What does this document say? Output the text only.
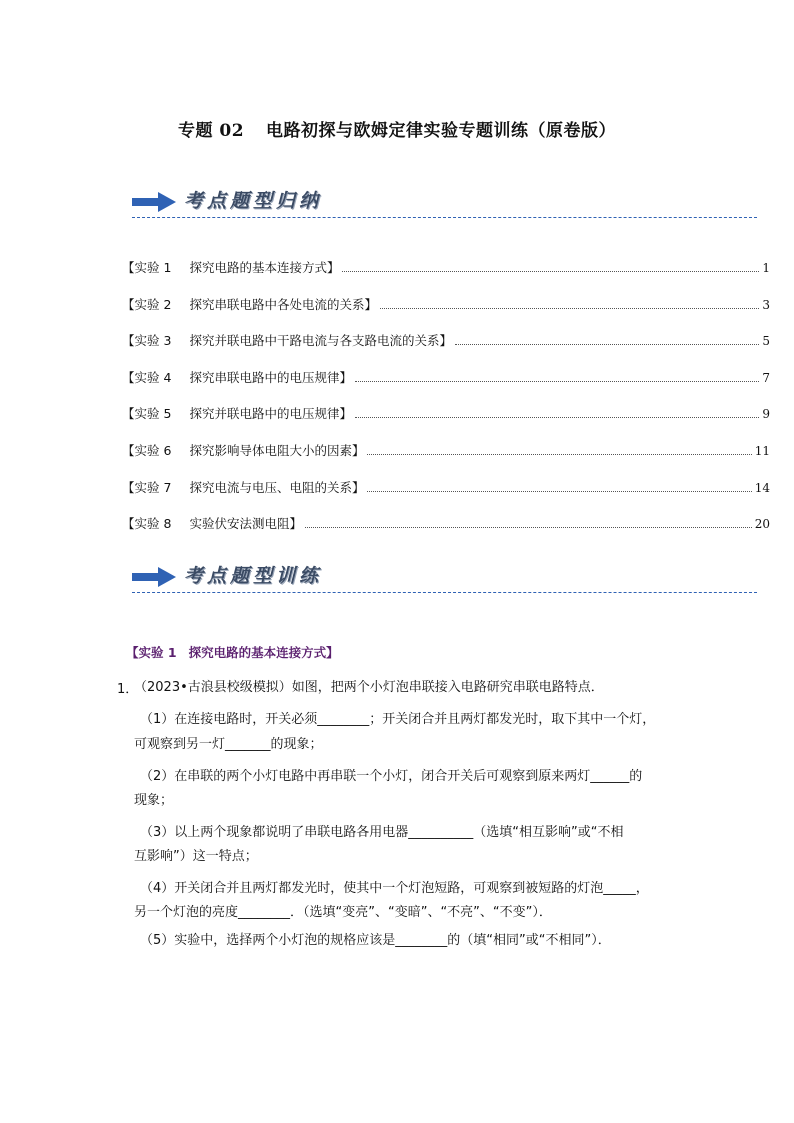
专题 02 电路初探与欧姆定律实验专题训练（原卷版）
考点题型归纳
【实验 1 探究电路的基本连接方式】	1
【实验 2 探究串联电路中各处电流的关系】	3
【实验 3 探究并联电路中干路电流与各支路电流的关系】	5
【实验 4 探究串联电路中的电压规律】	7
【实验 5 探究并联电路中的电压规律】	9
【实验 6 探究影响导体电阻大小的因素】	11
【实验 7 探究电流与电压、电阻的关系】	14
【实验 8 实验伏安法测电阻】	20
考点题型训练
【实验 1 探究电路的基本连接方式】
1．
（2023•古浪县校级模拟）如图，把两个小灯泡串联接入电路研究串联电路特点．
（1）在连接电路时，开关必须________；开关闭合并且两灯都发光时，取下其中一个灯，
可观察到另一灯_______的现象；
（2）在串联的两个小灯电路中再串联一个小灯，闭合开关后可观察到原来两灯______的
现象；
（3）以上两个现象都说明了串联电路各用电器__________（选填“相互影响”或“不相
互影响”）这一特点；
（4）开关闭合并且两灯都发光时，使其中一个灯泡短路，可观察到被短路的灯泡_____，
另一个灯泡的亮度________．（选填“变亮”、“变暗”、“不亮”、“不变”）．
（5）实验中，选择两个小灯泡的规格应该是________的（填“相同”或“不相同”）．
